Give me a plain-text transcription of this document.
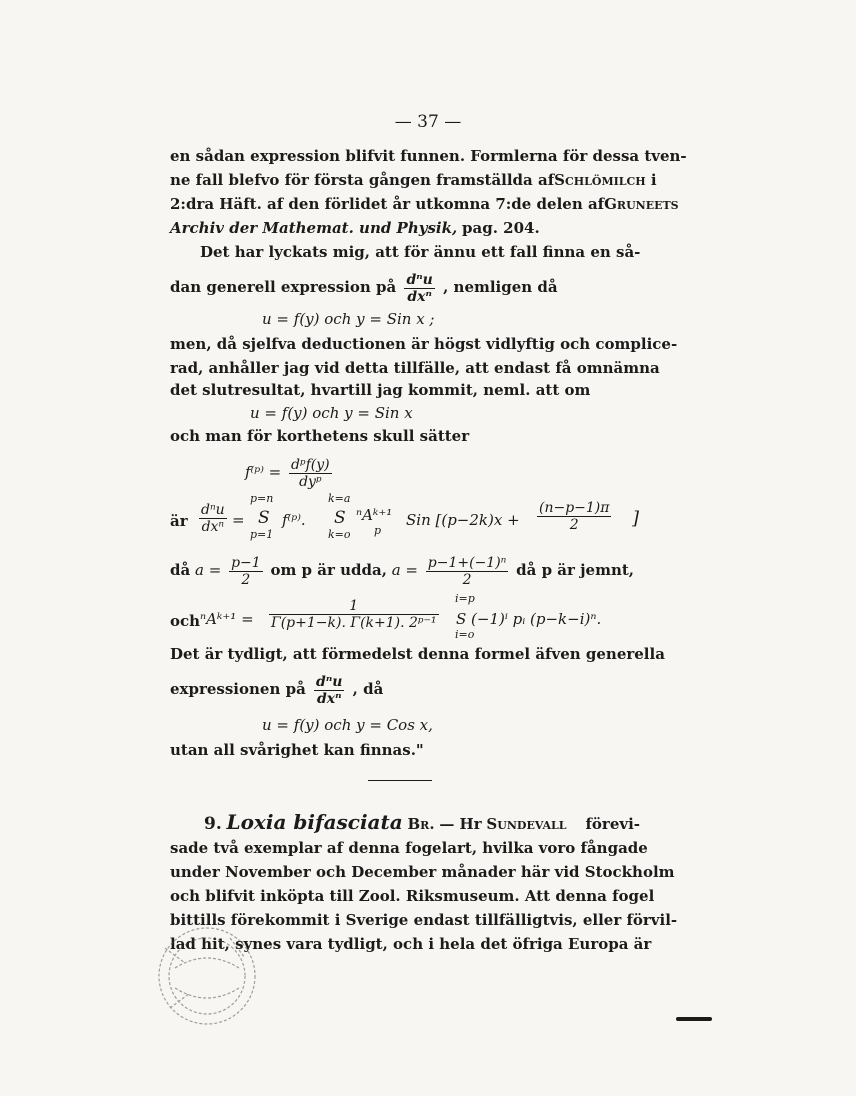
— 37 —
en sådan expression blifvit funnen. Formlerna för dessa tven-
ne fall blefvo för första gången framställda af Schlömilch i
2:dra Häft. af den förlidet år utkomna 7:de delen af Gruneets
Archiv der Mathemat. und Physik, pag. 204.
Det har lyckats mig, att för ännu ett fall finna en så-
dan generell expression på $\frac{\text{dⁿu}}{\text{dxⁿ}}$ , nemligen då
u = f(y) och y = Sin x ;
men, då sjelfva deductionen är högst vidlyftig och complice-
rad, anhåller jag vid detta tillfälle, att endast få omnämna
det slutresultat, hvartill jag kommit, neml. att om
u = f(y) och y = Sin x
och man för korthetens skull sätter
f⁽ᵖ⁾ = $\frac{\text{dᵖf(y)}}{\text{dyᵖ}}$
är
dⁿu
dxⁿ =
p=n
S
p=1
f⁽ᵖ⁾.
k=a
S
k=o
ⁿAᵏ⁺¹
p
Sin [$(p-2k)x + \frac{(n-p-1)\pi}{2}$ ]
då $a = \frac{p-1}{2}$ om p är udda, $a = \frac{\text{p−1+(−1)ⁿ}}{2}$ då p är jemnt,
och ⁿAᵏ⁺¹ = $\frac{1}{\text{Γ(p+1−k). Γ(k+1). 2ᵖ⁻¹}} i=p$
S (−1)ⁱ pᵢ (p−k−i)ⁿ.
i=o
Det är tydligt, att förmedelst denna formel äfven generella
expressionen på $\frac{\text{dⁿu}}{\text{dxⁿ}}$ , då
u = f(y) och y = Cos x,
utan all svårighet kan finnas."
9. Loxia bifasciata Br. — Hr Sundevall förevi-
sade två exemplar af denna fogelart, hvilka voro fångade
under November och December månader här vid Stockholm
och blifvit inköpta till Zool. Riksmuseum. Att denna fogel
bittills förekommit i Sverige endast tillfälligtvis, eller förvil-
lad hit, synes vara tydligt, och i hela det öfriga Europa är
